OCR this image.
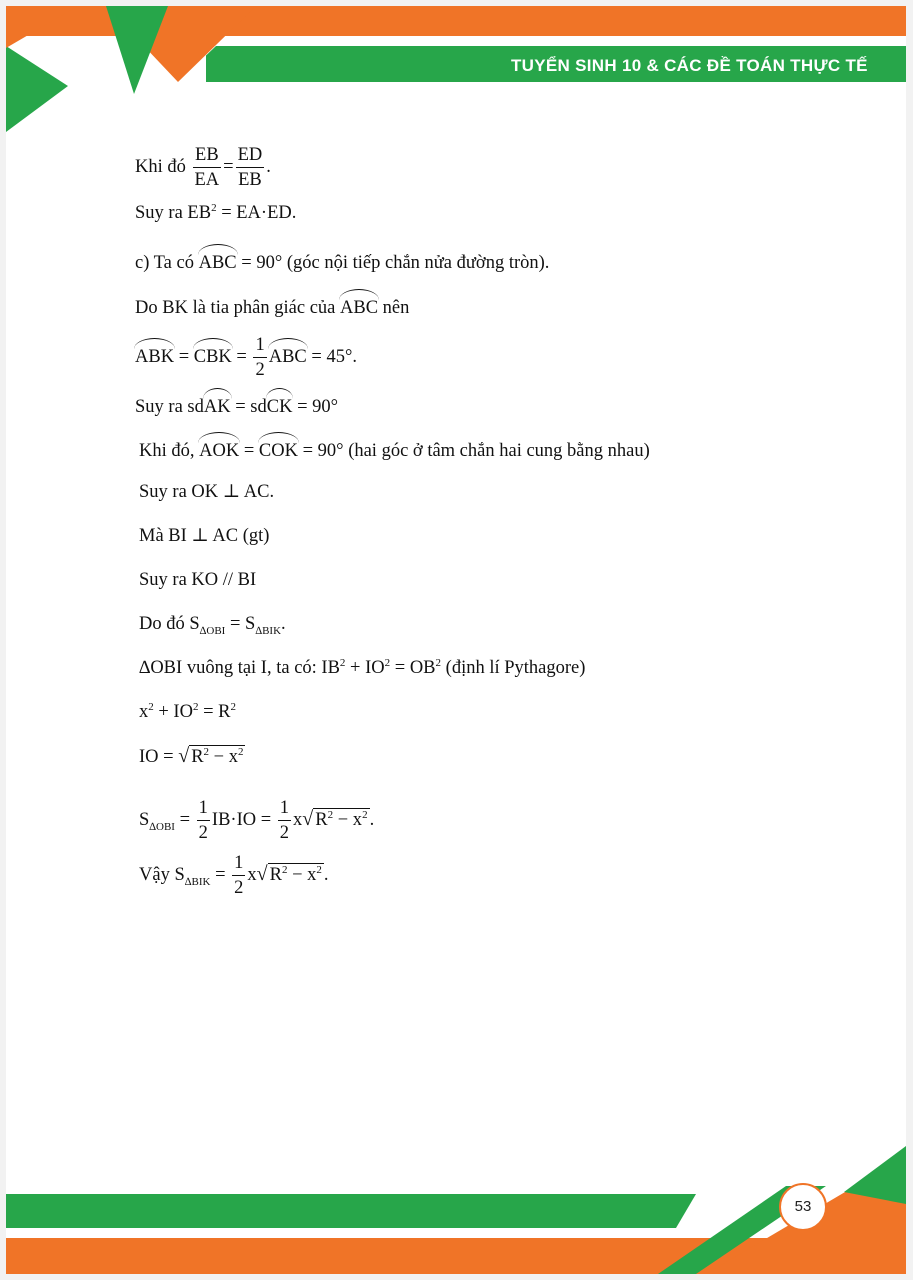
TUYỂN SINH 10 & CÁC ĐỀ TOÁN THỰC TẾ
Khi đó $\frac{EB}{EA} = \frac{ED}{EB}$ .
Suy ra $EB^2 = EA\cdot ED$.
c) Ta có ABC = 90° (góc nội tiếp chắn nửa đường tròn).
Do BK là tia phân giác của ABC nên
ABK = CBK = $\frac{1}{2}$ ABC = 45°.
Suy ra sdAK = sdCK = 90°
Khi đó, AOK = COK = 90° (hai góc ở tâm chắn hai cung bằng nhau)
Suy ra OK ⊥ AC.
Mà BI ⊥ AC (gt)
Suy ra KO // BI
Do đó $S_{\Delta OBI} = S_{\Delta BIK}$.
∆OBI vuông tại I, ta có: $IB^2 + IO^2 = OB^2$ (định lí Pythagore)
$x^2 + IO^2 = R^2$
IO = √ $R^2 - x^2$
$S_{\Delta OBI} = \frac{1}{2} IB\cdot IO = \frac{1}{2} x√$ $R^2 - x^2$ .
Vậy $S_{\Delta BIK} = \frac{1}{2} x√$ $R^2 - x^2$ .
53
